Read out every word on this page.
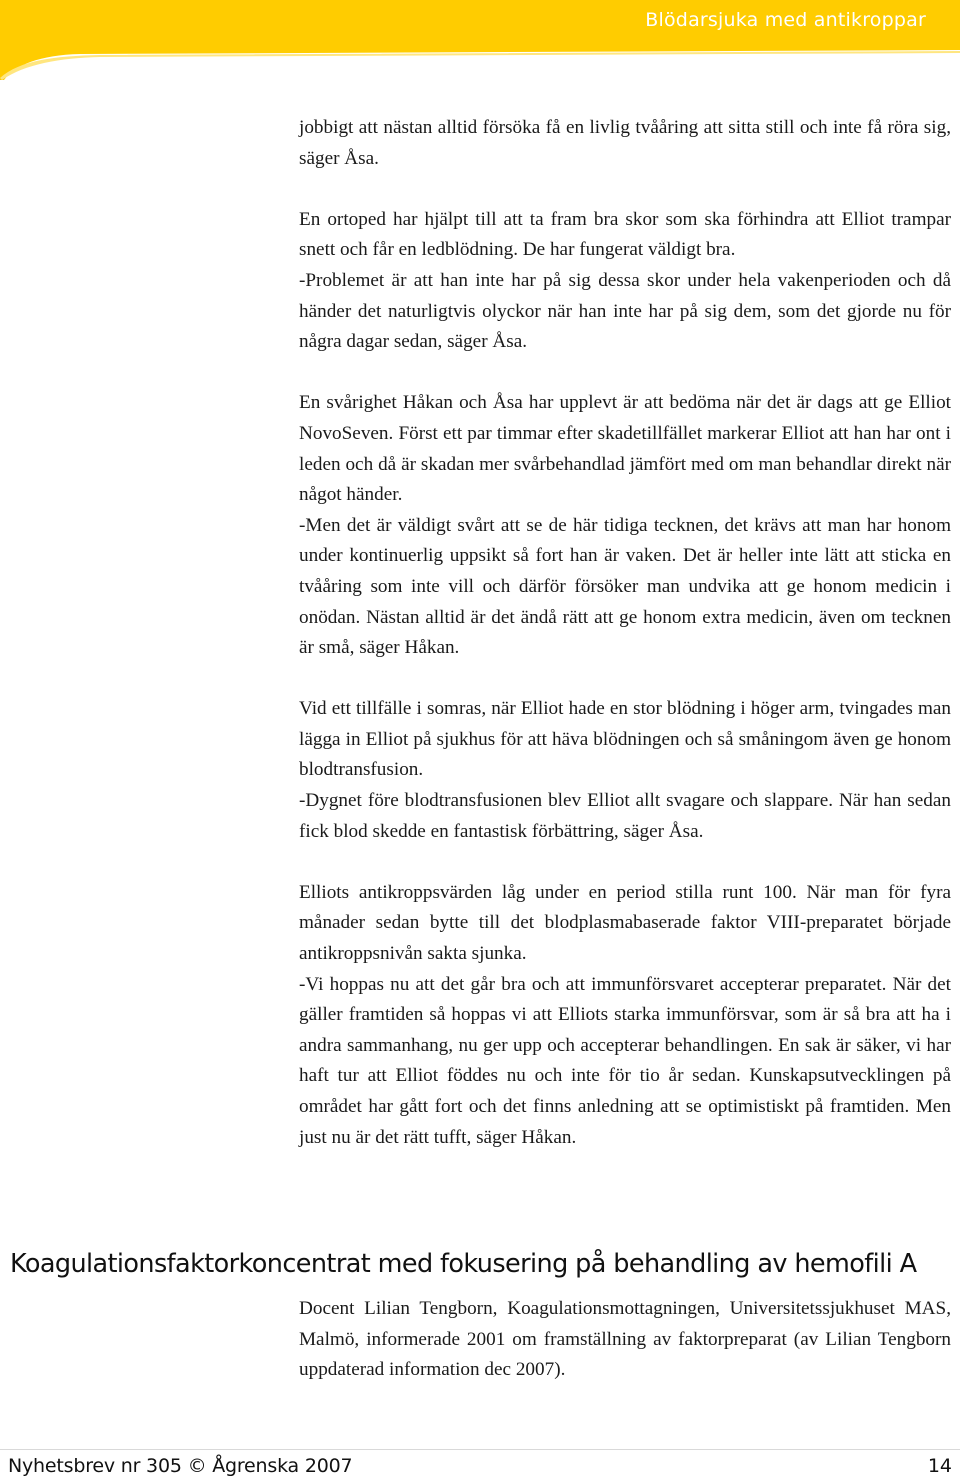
Blödarsjuka med antikroppar

jobbigt att nästan alltid försöka få en livlig tvååring att sitta still och inte få röra sig, säger Åsa.

En ortoped har hjälpt till att ta fram bra skor som ska förhindra att Elliot trampar snett och får en ledblödning. De har fungerat väldigt bra.

-Problemet är att han inte har på sig dessa skor under hela vakenperioden och då händer det naturligtvis olyckor när han inte har på sig dem, som det gjorde nu för några dagar sedan, säger Åsa.

En svårighet Håkan och Åsa har upplevt är att bedöma när det är dags att ge Elliot NovoSeven. Först ett par timmar efter skadetillfället markerar Elliot att han har ont i leden och då är skadan mer svårbehandlad jämfört med om man behandlar direkt när något händer.

-Men det är väldigt svårt att se de här tidiga tecknen, det krävs att man har honom under kontinuerlig uppsikt så fort han är vaken. Det är heller inte lätt att sticka en tvååring som inte vill och därför försöker man undvika att ge honom medicin i onödan. Nästan alltid är det ändå rätt att ge honom extra medicin, även om tecknen är små, säger Håkan.

Vid ett tillfälle i somras, när Elliot hade en stor blödning i höger arm, tvingades man lägga in Elliot på sjukhus för att häva blödningen och så småningom även ge honom blodtransfusion.

-Dygnet före blodtransfusionen blev Elliot allt svagare och slappare. När han sedan fick blod skedde en fantastisk förbättring, säger Åsa.

Elliots antikroppsvärden låg under en period stilla runt 100. När man för fyra månader sedan bytte till det blodplasmabaserade faktor VIII-preparatet började antikroppsnivån sakta sjunka.

-Vi hoppas nu att det går bra och att immunförsvaret accepterar preparatet. När det gäller framtiden så hoppas vi att Elliots starka immunförsvar, som är så bra att ha i andra sammanhang, nu ger upp och accepterar behandlingen. En sak är säker, vi har haft tur att Elliot föddes nu och inte för tio år sedan. Kunskapsutvecklingen på området har gått fort och det finns anledning att se optimistiskt på framtiden. Men just nu är det rätt tufft, säger Håkan.

Koagulationsfaktorkoncentrat med fokusering på behandling av hemofili A

Docent Lilian Tengborn, Koagulationsmottagningen, Universitetssjukhuset MAS, Malmö, informerade 2001 om framställning av faktorpreparat (av Lilian Tengborn uppdaterad information dec 2007).

Nyhetsbrev nr 305 © Ågrenska 2007	14
